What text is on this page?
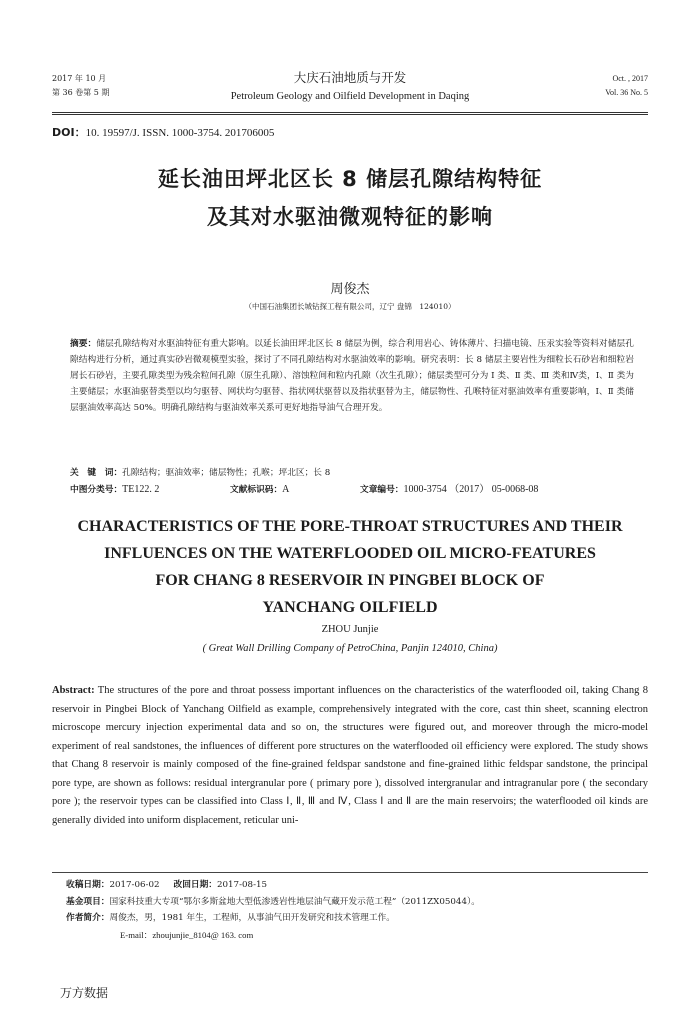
2017 年 10 月
第 36 卷第 5 期
大庆石油地质与开发
Petroleum Geology and Oilfield Development in Daqing
Oct. , 2017
Vol. 36 No. 5
DOI：10. 19597/J. ISSN. 1000-3754. 201706005
延长油田坪北区长 8 储层孔隙结构特征
及其对水驱油微观特征的影响
周俊杰
（中国石油集团长城钻探工程有限公司，辽宁 盘锦　124010）
摘要：储层孔隙结构对水驱油特征有重大影响。以延长油田坪北区长 8 储层为例，综合利用岩心、铸体薄片、扫描电镜、压汞实验等资料对储层孔隙结构进行分析，通过真实砂岩微观模型实验，探讨了不同孔隙结构对水驱油效率的影响。研究表明：长 8 储层主要岩性为细粒长石砂岩和细粒岩屑长石砂岩，主要孔隙类型为残余粒间孔隙（原生孔隙）、溶蚀粒间和粒内孔隙（次生孔隙）；储层类型可分为 Ⅰ 类、Ⅱ 类、Ⅲ 类和Ⅳ类，Ⅰ、Ⅱ 类为主要储层；水驱油驱替类型以均匀驱替、网状均匀驱替、指状网状驱替以及指状驱替为主，储层物性、孔喉特征对驱油效率有重要影响，Ⅰ、Ⅱ 类储层驱油效率高达 50%。明确孔隙结构与驱油效率关系可更好地指导油气合理开发。
关　键　词：孔隙结构；驱油效率；储层物性；孔喉；坪北区；长 8
中图分类号：TE122. 2	文献标识码：A	文章编号：1000-3754 （2017） 05-0068-08
CHARACTERISTICS OF THE PORE-THROAT STRUCTURES AND THEIR
INFLUENCES ON THE WATERFLOODED OIL MICRO-FEATURES
FOR CHANG 8 RESERVOIR IN PINGBEI BLOCK OF
YANCHANG OILFIELD
ZHOU Junjie
( Great Wall Drilling Company of PetroChina, Panjin 124010, China)
Abstract: The structures of the pore and throat possess important influences on the characteristics of the waterflooded oil, taking Chang 8 reservoir in Pingbei Block of Yanchang Oilfield as example, comprehensively integrated with the core, cast thin sheet, scanning electron microscope mercury injection experimental data and so on, the structures were figured out, and moreover through the micro-model experiment of real sandstones, the influences of different pore structures on the waterflooded oil efficiency were explored. The study shows that Chang 8 reservoir is mainly composed of the fine-grained feldspar sandstone and fine-grained lithic feldspar sandstone, the principal pore type, are shown as follows: residual intergranular pore ( primary pore ), dissolved intergranular and intragranular pore ( the secondary pore ); the reservoir types can be classified into Class Ⅰ, Ⅱ, Ⅲ and Ⅳ, Class Ⅰ and Ⅱ are the main reservoirs; the waterflooded oil kinds are generally divided into uniform displacement, reticular uni-
收稿日期：2017-06-02 改回日期：2017-08-15
基金项目：国家科技重大专项“鄂尔多斯盆地大型低渗透岩性地层油气藏开发示范工程”（2011ZX05044）。
作者简介：周俊杰，男，1981 年生，工程师，从事油气田开发研究和技术管理工作。
E-mail：zhoujunjie_8104@ 163. com
万方数据
